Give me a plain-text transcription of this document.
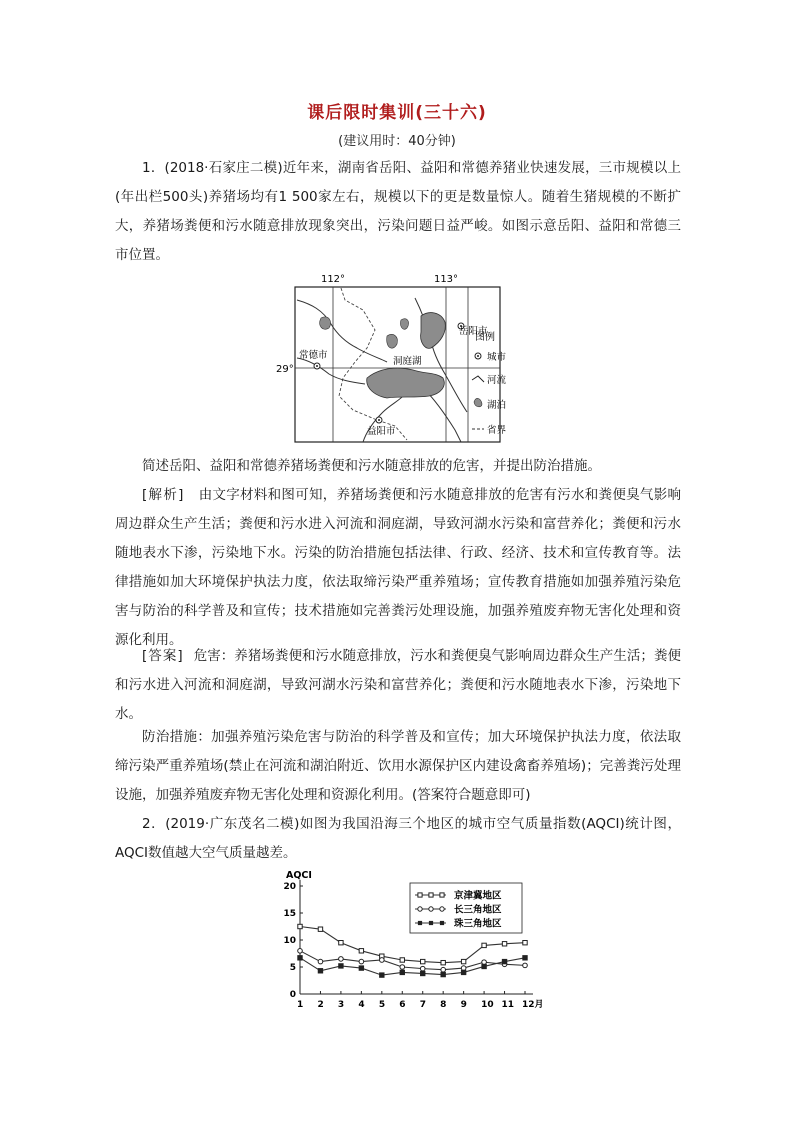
课后限时集训(三十六)
(建议用时：40分钟)

1．(2018·石家庄二模)近年来，湖南省岳阳、益阳和常德养猪业快速发展，三市规模以上(年出栏500头)养猪场均有1 500家左右，规模以下的更是数量惊人。随着生猪规模的不断扩大，养猪场粪便和污水随意排放现象突出，污染问题日益严峻。如图示意岳阳、益阳和常德三市位置。

112°	113°
29°
常德市
岳阳市
益阳市
洞庭湖
图例
城市
河流
湖泊
省界

简述岳阳、益阳和常德养猪场粪便和污水随意排放的危害，并提出防治措施。

[解析] 由文字材料和图可知，养猪场粪便和污水随意排放的危害有污水和粪便臭气影响周边群众生产生活；粪便和污水进入河流和洞庭湖，导致河湖水污染和富营养化；粪便和污水随地表水下渗，污染地下水。污染的防治措施包括法律、行政、经济、技术和宣传教育等。法律措施如加大环境保护执法力度，依法取缔污染严重养殖场；宣传教育措施如加强养殖污染危害与防治的科学普及和宣传；技术措施如完善粪污处理设施，加强养殖废弃物无害化处理和资源化利用。

[答案] 危害：养猪场粪便和污水随意排放，污水和粪便臭气影响周边群众生产生活；粪便和污水进入河流和洞庭湖，导致河湖水污染和富营养化；粪便和污水随地表水下渗，污染地下水。

防治措施：加强养殖污染危害与防治的科学普及和宣传；加大环境保护执法力度，依法取缔污染严重养殖场(禁止在河流和湖泊附近、饮用水源保护区内建设禽畜养殖场)；完善粪污处理设施，加强养殖废弃物无害化处理和资源化利用。(答案符合题意即可)

2．(2019·广东茂名二模)如图为我国沿海三个地区的城市空气质量指数(AQCI)统计图，AQCI数值越大空气质量越差。

AQCI
0
5
10
15
20
1 2 3 4 5 6 7 8 9 10 11 12月
京津冀地区
长三角地区
珠三角地区
